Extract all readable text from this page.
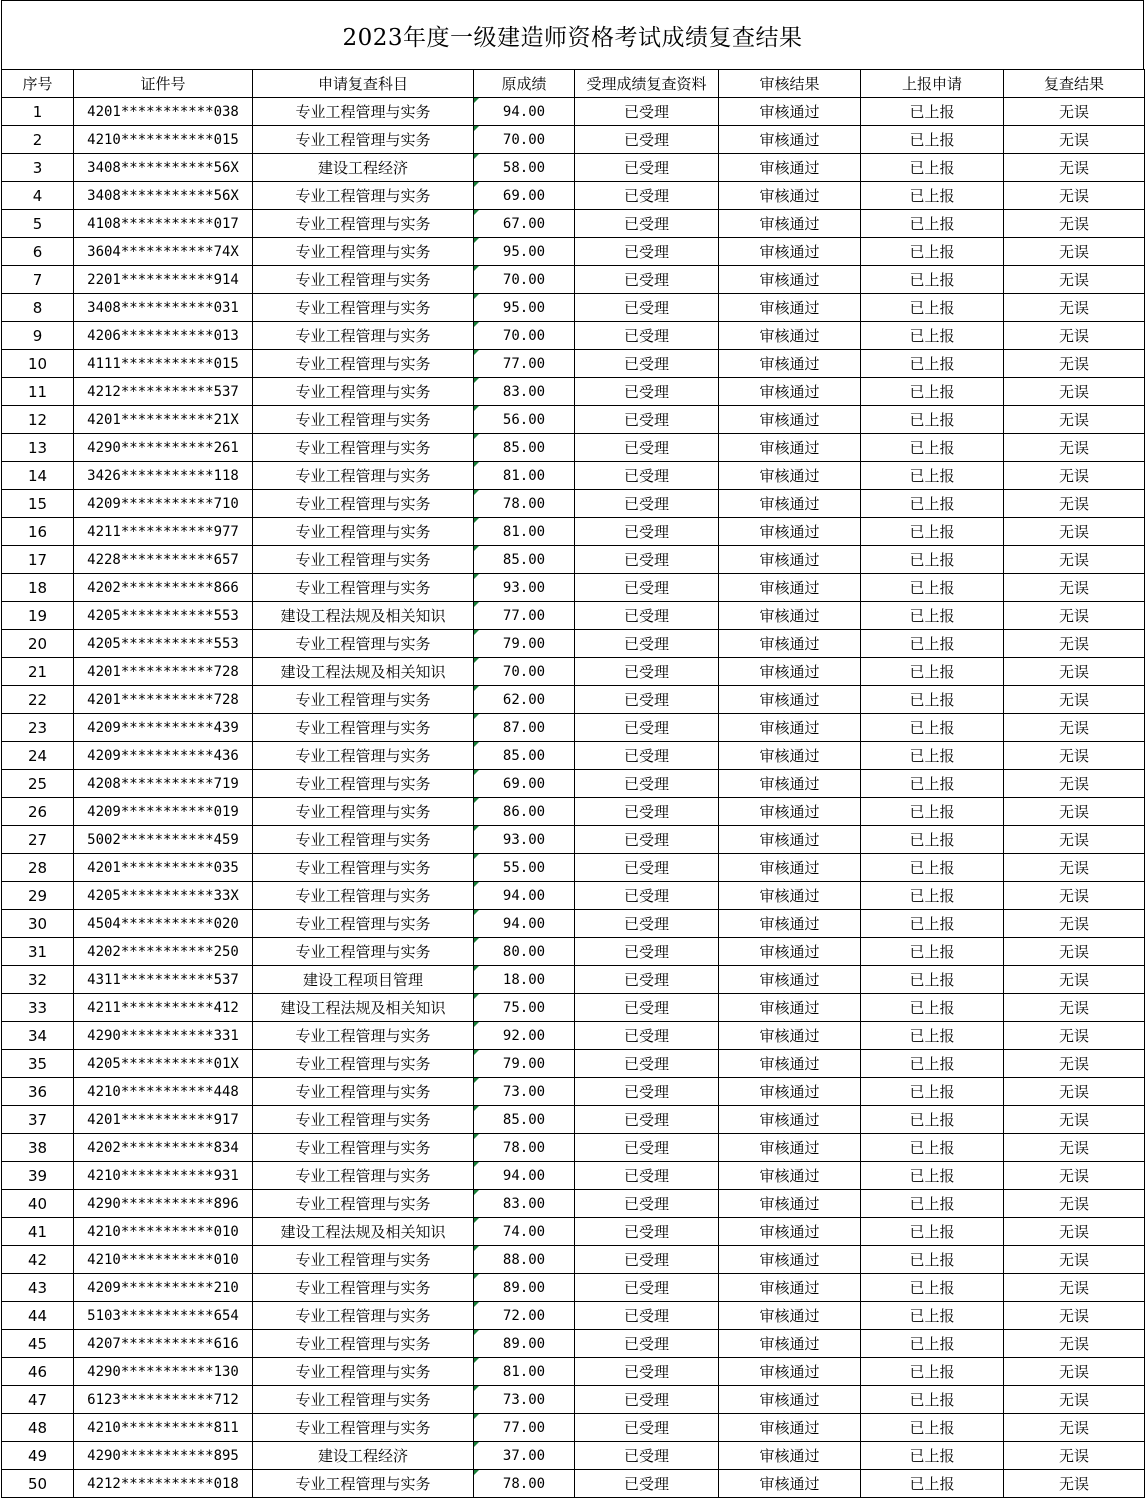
2023年度一级建造师资格考试成绩复查结果
序号	证件号	申请复查科目	原成绩	受理成绩复查资料	审核结果	上报申请	复查结果
1	4201***********038	专业工程管理与实务	94.00	已受理	审核通过	已上报	无误
2	4210***********015	专业工程管理与实务	70.00	已受理	审核通过	已上报	无误
3	3408***********56X	建设工程经济	58.00	已受理	审核通过	已上报	无误
4	3408***********56X	专业工程管理与实务	69.00	已受理	审核通过	已上报	无误
5	4108***********017	专业工程管理与实务	67.00	已受理	审核通过	已上报	无误
6	3604***********74X	专业工程管理与实务	95.00	已受理	审核通过	已上报	无误
7	2201***********914	专业工程管理与实务	70.00	已受理	审核通过	已上报	无误
8	3408***********031	专业工程管理与实务	95.00	已受理	审核通过	已上报	无误
9	4206***********013	专业工程管理与实务	70.00	已受理	审核通过	已上报	无误
10	4111***********015	专业工程管理与实务	77.00	已受理	审核通过	已上报	无误
11	4212***********537	专业工程管理与实务	83.00	已受理	审核通过	已上报	无误
12	4201***********21X	专业工程管理与实务	56.00	已受理	审核通过	已上报	无误
13	4290***********261	专业工程管理与实务	85.00	已受理	审核通过	已上报	无误
14	3426***********118	专业工程管理与实务	81.00	已受理	审核通过	已上报	无误
15	4209***********710	专业工程管理与实务	78.00	已受理	审核通过	已上报	无误
16	4211***********977	专业工程管理与实务	81.00	已受理	审核通过	已上报	无误
17	4228***********657	专业工程管理与实务	85.00	已受理	审核通过	已上报	无误
18	4202***********866	专业工程管理与实务	93.00	已受理	审核通过	已上报	无误
19	4205***********553	建设工程法规及相关知识	77.00	已受理	审核通过	已上报	无误
20	4205***********553	专业工程管理与实务	79.00	已受理	审核通过	已上报	无误
21	4201***********728	建设工程法规及相关知识	70.00	已受理	审核通过	已上报	无误
22	4201***********728	专业工程管理与实务	62.00	已受理	审核通过	已上报	无误
23	4209***********439	专业工程管理与实务	87.00	已受理	审核通过	已上报	无误
24	4209***********436	专业工程管理与实务	85.00	已受理	审核通过	已上报	无误
25	4208***********719	专业工程管理与实务	69.00	已受理	审核通过	已上报	无误
26	4209***********019	专业工程管理与实务	86.00	已受理	审核通过	已上报	无误
27	5002***********459	专业工程管理与实务	93.00	已受理	审核通过	已上报	无误
28	4201***********035	专业工程管理与实务	55.00	已受理	审核通过	已上报	无误
29	4205***********33X	专业工程管理与实务	94.00	已受理	审核通过	已上报	无误
30	4504***********020	专业工程管理与实务	94.00	已受理	审核通过	已上报	无误
31	4202***********250	专业工程管理与实务	80.00	已受理	审核通过	已上报	无误
32	4311***********537	建设工程项目管理	18.00	已受理	审核通过	已上报	无误
33	4211***********412	建设工程法规及相关知识	75.00	已受理	审核通过	已上报	无误
34	4290***********331	专业工程管理与实务	92.00	已受理	审核通过	已上报	无误
35	4205***********01X	专业工程管理与实务	79.00	已受理	审核通过	已上报	无误
36	4210***********448	专业工程管理与实务	73.00	已受理	审核通过	已上报	无误
37	4201***********917	专业工程管理与实务	85.00	已受理	审核通过	已上报	无误
38	4202***********834	专业工程管理与实务	78.00	已受理	审核通过	已上报	无误
39	4210***********931	专业工程管理与实务	94.00	已受理	审核通过	已上报	无误
40	4290***********896	专业工程管理与实务	83.00	已受理	审核通过	已上报	无误
41	4210***********010	建设工程法规及相关知识	74.00	已受理	审核通过	已上报	无误
42	4210***********010	专业工程管理与实务	88.00	已受理	审核通过	已上报	无误
43	4209***********210	专业工程管理与实务	89.00	已受理	审核通过	已上报	无误
44	5103***********654	专业工程管理与实务	72.00	已受理	审核通过	已上报	无误
45	4207***********616	专业工程管理与实务	89.00	已受理	审核通过	已上报	无误
46	4290***********130	专业工程管理与实务	81.00	已受理	审核通过	已上报	无误
47	6123***********712	专业工程管理与实务	73.00	已受理	审核通过	已上报	无误
48	4210***********811	专业工程管理与实务	77.00	已受理	审核通过	已上报	无误
49	4290***********895	建设工程经济	37.00	已受理	审核通过	已上报	无误
50	4212***********018	专业工程管理与实务	78.00	已受理	审核通过	已上报	无误
